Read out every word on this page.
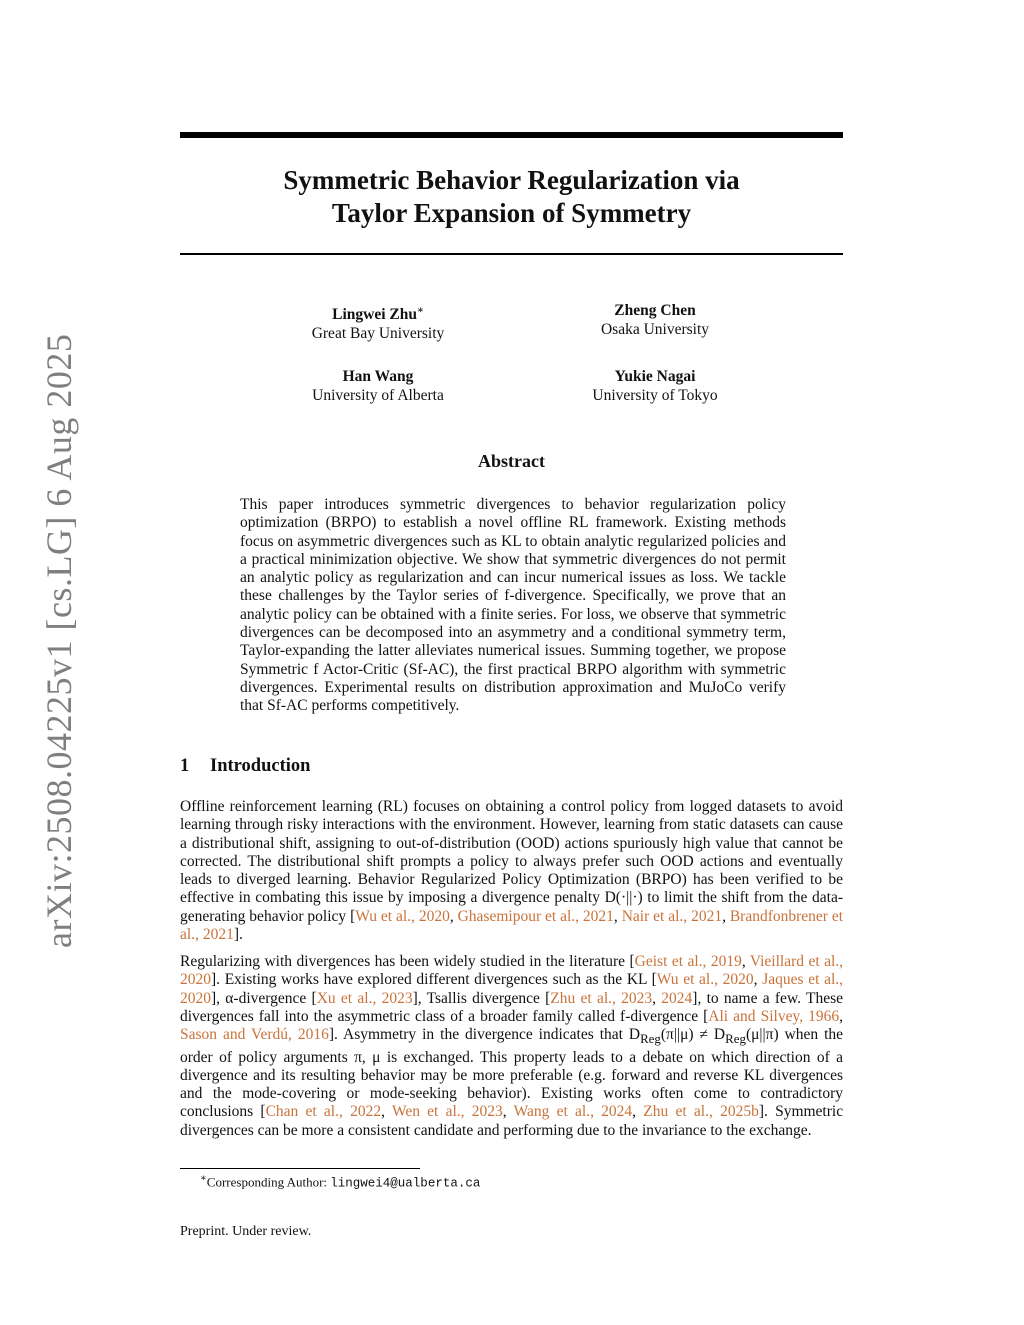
arXiv:2508.04225v1 [cs.LG] 6 Aug 2025
Symmetric Behavior Regularization via
Taylor Expansion of Symmetry
Lingwei Zhu∗
Great Bay University
Zheng Chen
Osaka University
Han Wang
University of Alberta
Yukie Nagai
University of Tokyo
Abstract
This paper introduces symmetric divergences to behavior regularization policy optimization (BRPO) to establish a novel offline RL framework. Existing methods focus on asymmetric divergences such as KL to obtain analytic regularized policies and a practical minimization objective. We show that symmetric divergences do not permit an analytic policy as regularization and can incur numerical issues as loss. We tackle these challenges by the Taylor series of f-divergence. Specifically, we prove that an analytic policy can be obtained with a finite series. For loss, we observe that symmetric divergences can be decomposed into an asymmetry and a conditional symmetry term, Taylor-expanding the latter alleviates numerical issues. Summing together, we propose Symmetric f Actor-Critic (Sf-AC), the first practical BRPO algorithm with symmetric divergences. Experimental results on distribution approximation and MuJoCo verify that Sf-AC performs competitively.
1 Introduction
Offline reinforcement learning (RL) focuses on obtaining a control policy from logged datasets to avoid learning through risky interactions with the environment. However, learning from static datasets can cause a distributional shift, assigning to out-of-distribution (OOD) actions spuriously high value that cannot be corrected. The distributional shift prompts a policy to always prefer such OOD actions and eventually leads to diverged learning. Behavior Regularized Policy Optimization (BRPO) has been verified to be effective in combating this issue by imposing a divergence penalty D(·||·) to limit the shift from the data-generating behavior policy [Wu et al., 2020, Ghasemipour et al., 2021, Nair et al., 2021, Brandfonbrener et al., 2021].
Regularizing with divergences has been widely studied in the literature [Geist et al., 2019, Vieillard et al., 2020]. Existing works have explored different divergences such as the KL [Wu et al., 2020, Jaques et al., 2020], α-divergence [Xu et al., 2023], Tsallis divergence [Zhu et al., 2023, 2024], to name a few. These divergences fall into the asymmetric class of a broader family called f-divergence [Ali and Silvey, 1966, Sason and Verdú, 2016]. Asymmetry in the divergence indicates that $D_{Reg}(\pi||\mu) \ne D_{Reg}(\mu||\pi)$ when the order of policy arguments π, μ is exchanged. This property leads to a debate on which direction of a divergence and its resulting behavior may be more preferable (e.g. forward and reverse KL divergences and the mode-covering or mode-seeking behavior). Existing works often come to contradictory conclusions [Chan et al., 2022, Wen et al., 2023, Wang et al., 2024, Zhu et al., 2025b]. Symmetric divergences can be more a consistent candidate and performing due to the invariance to the exchange.
∗Corresponding Author: lingwei4@ualberta.ca
Preprint. Under review.
